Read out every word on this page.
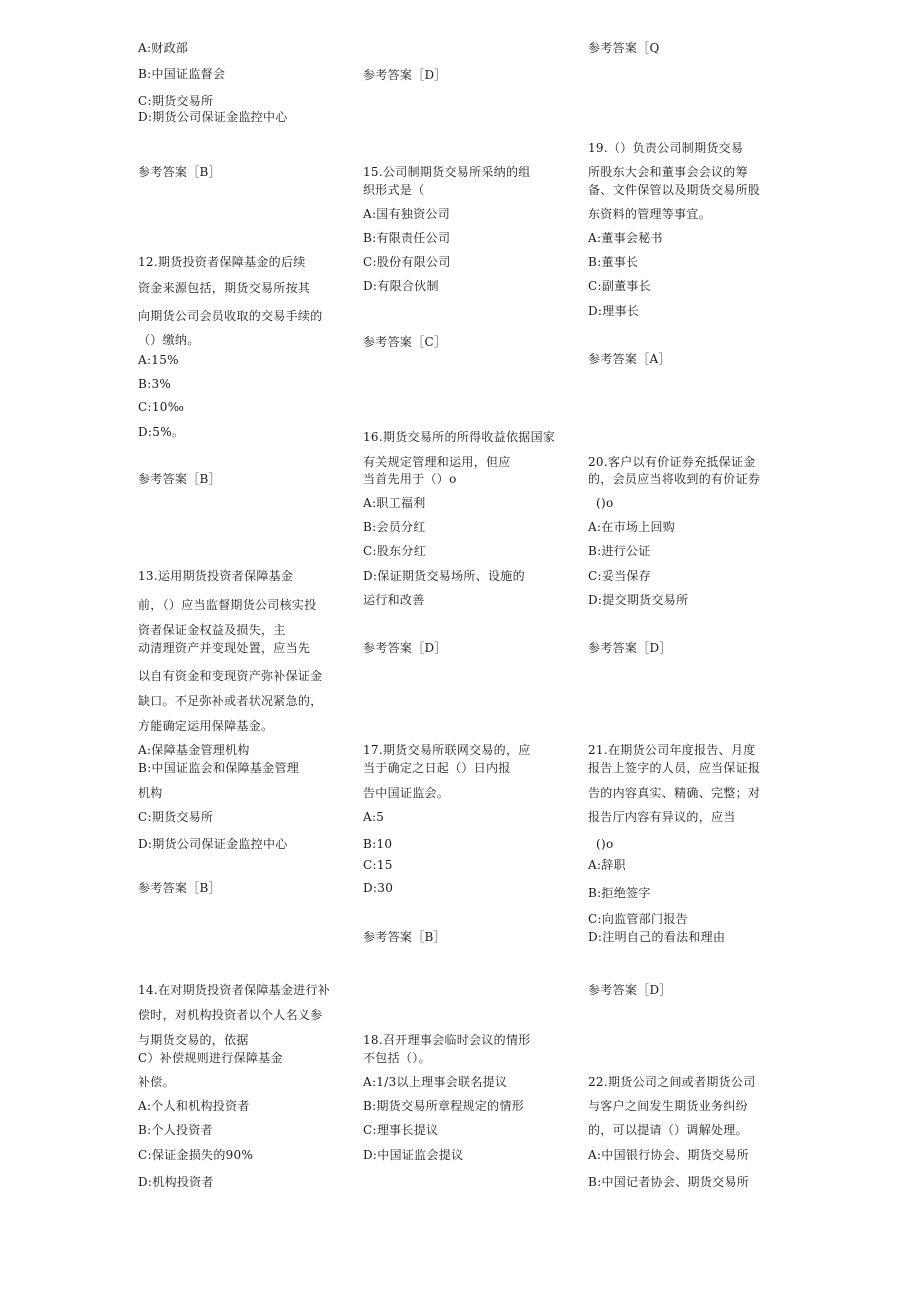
A:财政部
B:中国证监督会
C:期货交易所
D:期货公司保证金监控中心
参考答案［B］
12.期货投资者保障基金的后续
资金来源包括，期货交易所按其
向期货公司会员收取的交易手续的
（）缴纳。
A:15%
B:3%
C:10‰
D:5%。
参考答案［B］
13.运用期货投资者保障基金
前，（）应当监督期货公司核实投
资者保证金权益及损失，主
动清理资产并变现处置，应当先
以自有资金和变现资产弥补保证金
缺口。不足弥补或者状况紧急的，
方能确定运用保障基金。
A:保障基金管理机构
B:中国证监会和保障基金管理
机构
C:期货交易所
D:期货公司保证金监控中心
参考答案［B］
14.在对期货投资者保障基金进行补
偿时，对机构投资者以个人名义参
与期货交易的，依据
C）补偿规则进行保障基金
补偿。
A:个人和机构投资者
B:个人投资者
C:保证金损失的90%
D:机构投资者
参考答案［D］
15.公司制期货交易所采纳的组
织形式是（
A:国有独资公司
B:有限责任公司
C:股份有限公司
D:有限合伙制
参考答案［C］
16.期货交易所的所得收益依据国家
有关规定管理和运用，但应
当首先用于（）o
A:职工福利
B:会员分红
C:股东分红
D:保证期货交易场所、设施的
运行和改善
参考答案［D］
17.期货交易所联网交易的，应
当于确定之日起（）日内报
告中国证监会。
A:5
B:10
C:15
D:30
参考答案［B］
18.召开理事会临时会议的情形
不包括（）。
A:1/3以上理事会联名提议
B:期货交易所章程规定的情形
C:理事长提议
D:中国证监会提议
参考答案［Q
19.（）负责公司制期货交易
所股东大会和董事会会议的筹
备、文件保管以及期货交易所股
东资料的管理等事宜。
A:董事会秘书
B:董事长
C:副董事长
D:理事长
参考答案［A］
20.客户以有价证券充抵保证金
的，会员应当将收到的有价证券
()o
A:在市场上回购
B:进行公证
C:妥当保存
D:提交期货交易所
参考答案［D］
21.在期货公司年度报告、月度
报告上签字的人员，应当保证报
告的内容真实、精确、完整；对
报告厅内容有异议的，应当
()o
A:辞职
B:拒绝签字
C:向监管部门报告
D:注明自己的看法和理由
参考答案［D］
22.期货公司之间或者期货公司
与客户之间发生期货业务纠纷
的，可以提请（）调解处理。
A:中国银行协会、期货交易所
B:中国记者协会、期货交易所
